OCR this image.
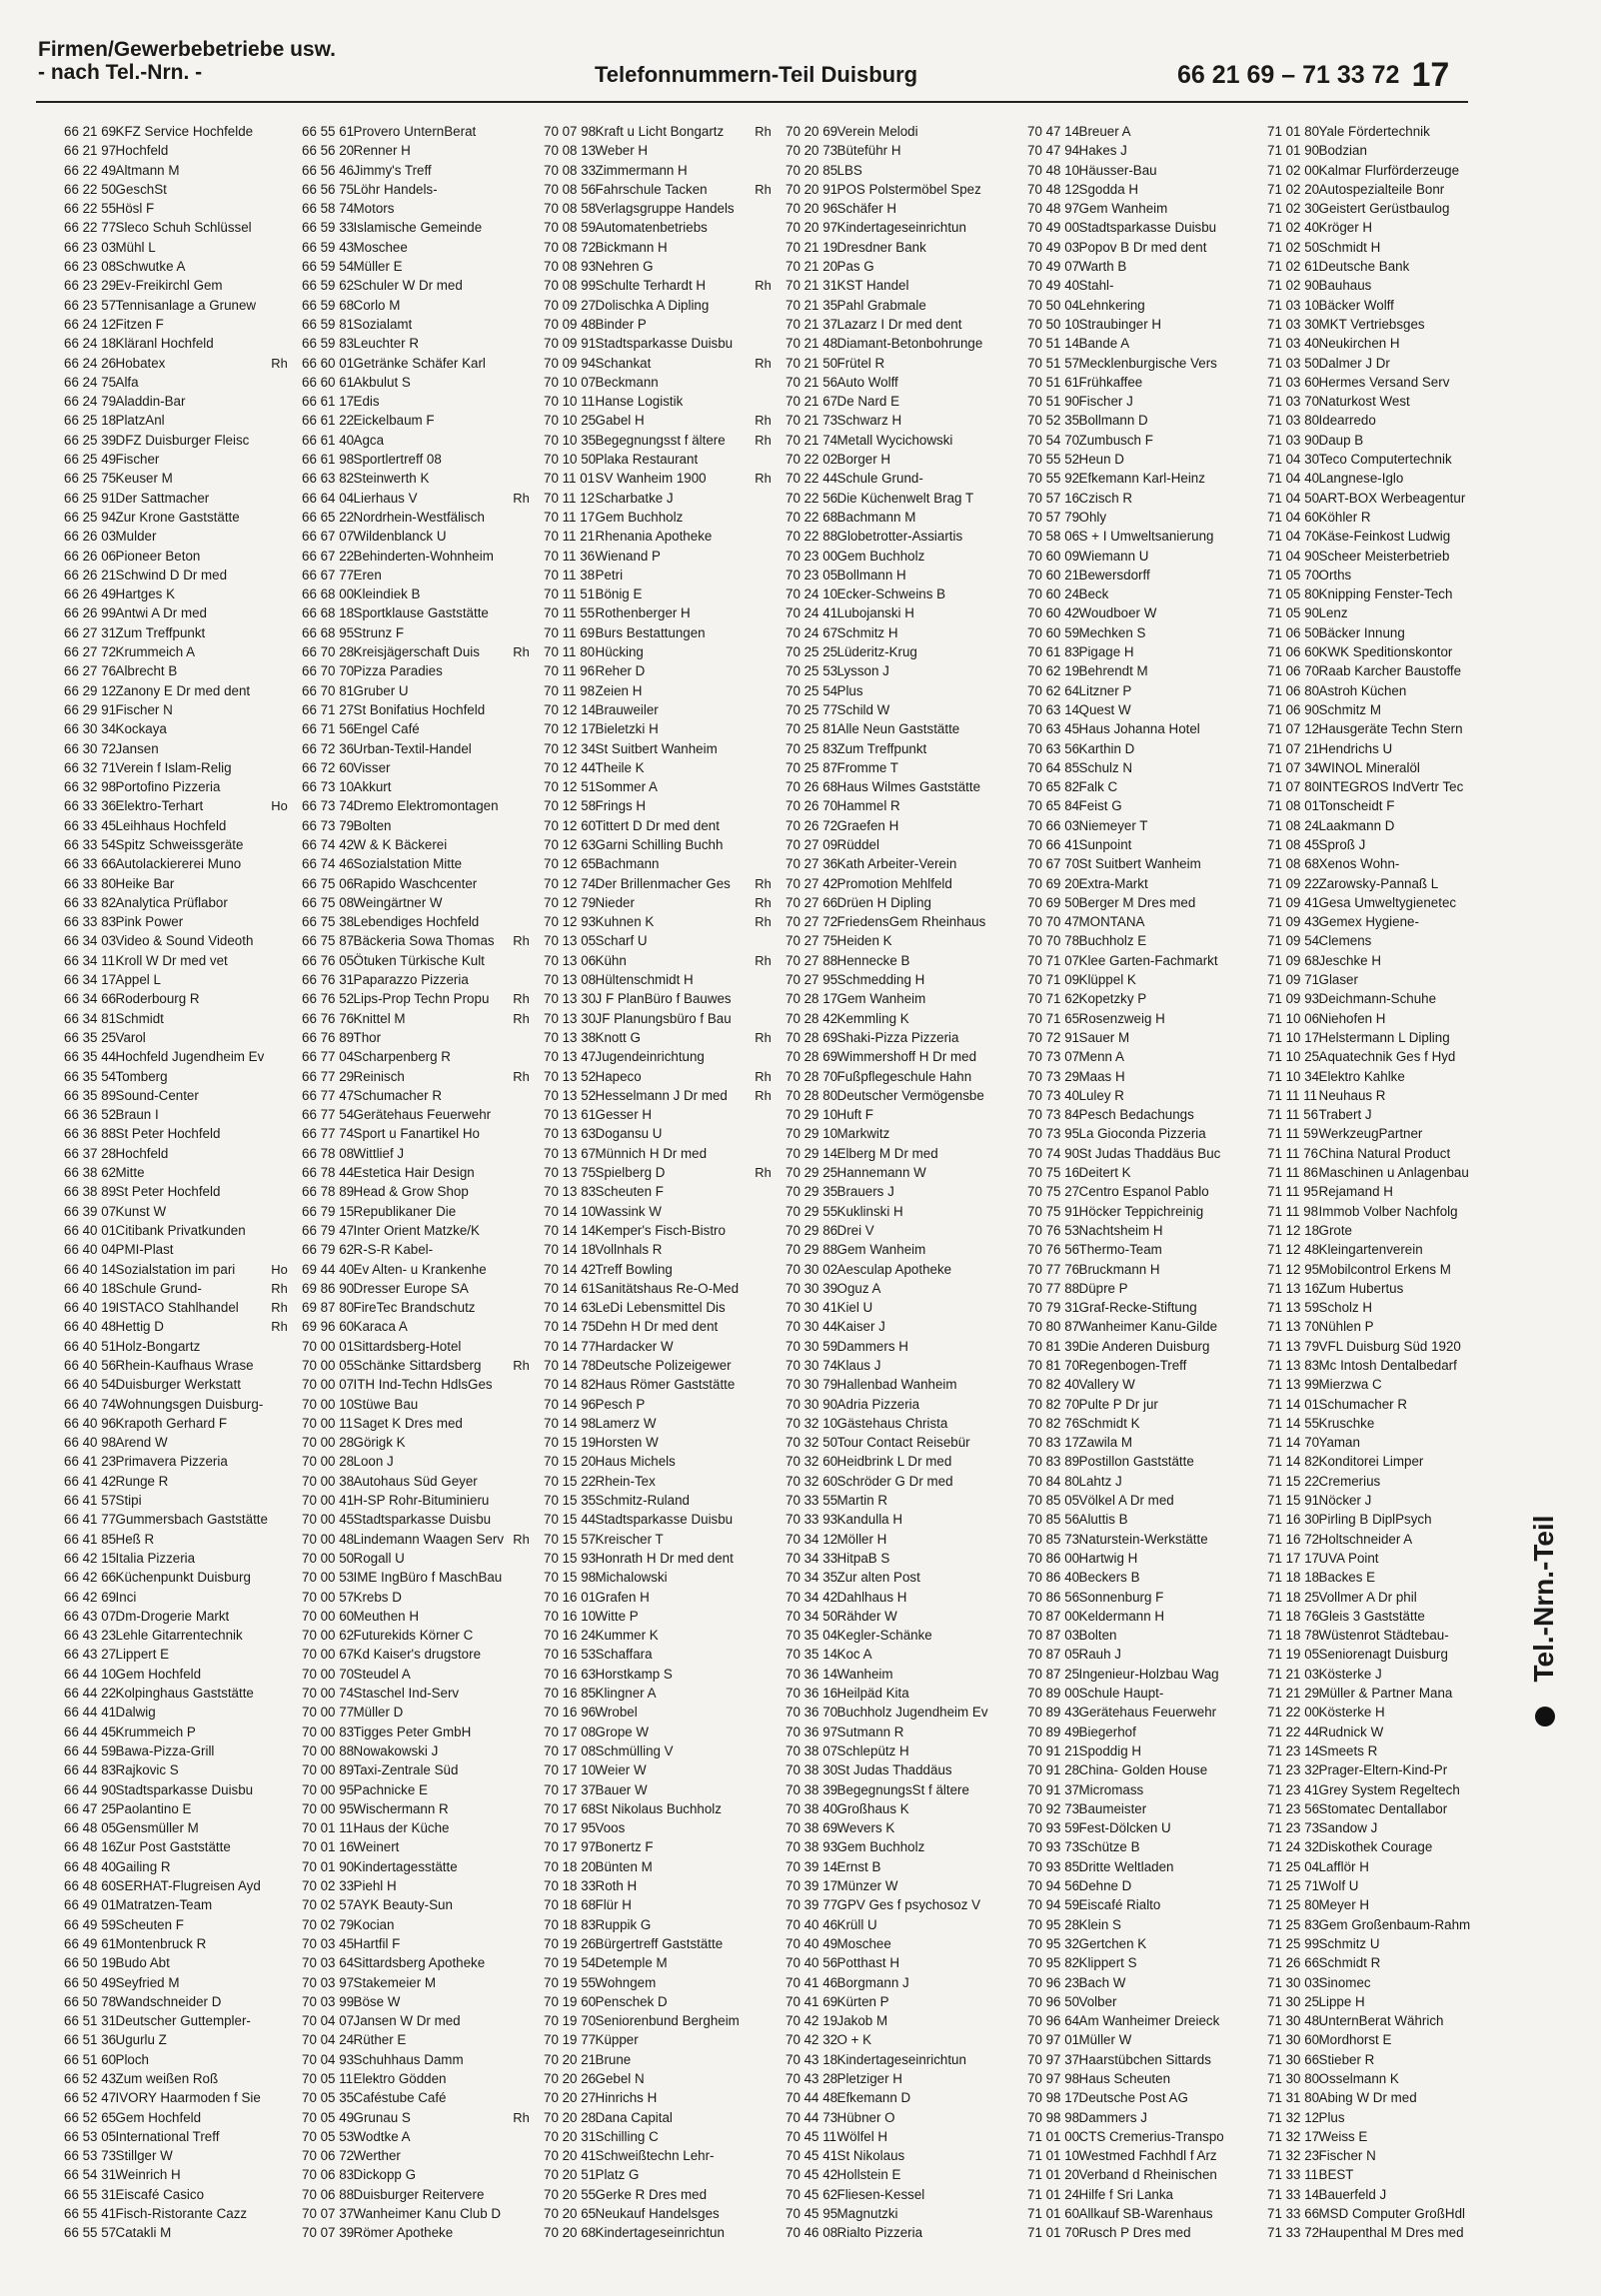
Firmen/Gewerbebetriebe usw.
- nach Tel.-Nrn. -	Telefonnummern-Teil Duisburg	66 21 69 – 71 33 72 17
66 21 69KFZ Service Hochfelde
66 21 97Hochfeld
66 22 49Altmann M
66 22 50GeschSt
66 22 55Hösl F
66 22 77Sleco Schuh Schlüssel
66 23 03Mühl L
66 23 08Schwutke A
66 23 29Ev-Freikirchl Gem
66 23 57Tennisanlage a Grunew
66 24 12Fitzen F
66 24 18Kläranl Hochfeld
66 24 26Hobatex
66 24 75Alfa
66 24 79Aladdin-Bar
66 25 18PlatzAnl
66 25 39DFZ Duisburger Fleisc
66 25 49Fischer
66 25 75Keuser M
66 25 91Der Sattmacher
66 25 94Zur Krone Gaststätte
66 26 03Mulder
66 26 06Pioneer Beton
66 26 21Schwind D Dr med
66 26 49Hartges K
66 26 99Antwi A Dr med
66 27 31Zum Treffpunkt
66 27 72Krummeich A
66 27 76Albrecht B
66 29 12Zanony E Dr med dent
66 29 91Fischer N
66 30 34Kockaya
66 30 72Jansen
66 32 71Verein f Islam-Relig
66 32 98Portofino Pizzeria
66 33 36Elektro-Terhart
66 33 45Leihhaus Hochfeld
66 33 54Spitz Schweissgeräte
66 33 66Autolackiererei Muno
66 33 80Heike Bar
66 33 82Analytica Prüflabor
66 33 83Pink Power
66 34 03Video & Sound Videoth
66 34 11Kroll W Dr med vet
66 34 17Appel L
66 34 66Roderbourg R
66 34 81Schmidt
66 35 25Varol
66 35 44Hochfeld Jugendheim Ev
66 35 54Tomberg
66 35 89Sound-Center
66 36 52Braun I
66 36 88St Peter Hochfeld
66 37 28Hochfeld
66 38 62Mitte
66 38 89St Peter Hochfeld
66 39 07Kunst W
66 40 01Citibank Privatkunden
66 40 04PMI-Plast
66 40 14Sozialstation im pari
66 40 18Schule Grund-
66 40 19ISTACO Stahlhandel
66 40 48Hettig D
66 40 51Holz-Bongartz
66 40 56Rhein-Kaufhaus Wrase
66 40 54Duisburger Werkstatt
66 40 74Wohnungsgen Duisburg-
66 40 96Krapoth Gerhard F
66 40 98Arend W
66 41 23Primavera Pizzeria
66 41 42Runge R
66 41 57Stipi
66 41 77Gummersbach Gaststätte
66 41 85Heß R
66 42 15Italia Pizzeria
66 42 66Küchenpunkt Duisburg
66 42 69Inci
66 43 07Dm-Drogerie Markt
66 43 23Lehle Gitarrentechnik
66 43 27Lippert E
66 44 10Gem Hochfeld
66 44 22Kolpinghaus Gaststätte
66 44 41Dalwig
66 44 45Krummeich P
66 44 59Bawa-Pizza-Grill
66 44 83Rajkovic S
66 44 90Stadtsparkasse Duisbu
66 47 25Paolantino E
66 48 05Gensmüller M
66 48 16Zur Post Gaststätte
66 48 40Gailing R
66 48 60SERHAT-Flugreisen Ayd
66 49 01Matratzen-Team
66 49 59Scheuten F
66 49 61Montenbruck R
66 50 19Budo Abt
66 50 49Seyfried M
66 50 78Wandschneider D
66 51 31Deutscher Guttempler-
66 51 36Ugurlu Z
66 51 60Ploch
66 52 43Zum weißen Roß
66 52 47IVORY Haarmoden f Sie
66 52 65Gem Hochfeld
66 53 05International Treff
66 53 73Stillger W
66 54 31Weinrich H
66 55 31Eiscafé Casico
66 55 41Fisch-Ristorante Cazz
66 55 57Catakli M
66 55 61Provero UnternBerat
66 56 20Renner H
66 56 46Jimmy's Treff
66 56 75Löhr Handels-
66 58 74Motors
66 59 33Islamische Gemeinde
66 59 43Moschee
66 59 54Müller E
66 59 62Schuler W Dr med
66 59 68Corlo M
66 59 81Sozialamt
66 59 83Leuchter R
Rh 66 60 01Getränke Schäfer Karl
66 60 61Akbulut S
66 61 17Edis
66 61 22Eickelbaum F
66 61 40Agca
66 61 98Sportlertreff 08
66 63 82Steinwerth K
66 64 04Lierhaus V
66 65 22Nordrhein-Westfälisch
66 67 07Wildenblanck U
66 67 22Behinderten-Wohnheim
66 67 77Eren
66 68 00Kleindiek B
66 68 18Sportklause Gaststätte
66 68 95Strunz F
66 70 28Kreisjägerschaft Duis
66 70 70Pizza Paradies
66 70 81Gruber U
66 71 27St Bonifatius Hochfeld
66 71 56Engel Café
66 72 36Urban-Textil-Handel
66 72 60Visser
66 73 10Akkurt
Ho 66 73 74Dremo Elektromontagen
66 73 79Bolten
66 74 42W & K Bäckerei
66 74 46Sozialstation Mitte
66 75 06Rapido Waschcenter
66 75 08Weingärtner W
66 75 38Lebendiges Hochfeld
66 75 87Bäckeria Sowa Thomas
66 76 05Ötuken Türkische Kult
66 76 31Paparazzo Pizzeria
66 76 52Lips-Prop Techn Propu
66 76 76Knittel M
66 76 89Thor
66 77 04Scharpenberg R
66 77 29Reinisch
66 77 47Schumacher R
66 77 54Gerätehaus Feuerwehr
66 77 74Sport u Fanartikel Ho
66 78 08Wittlief J
66 78 44Estetica Hair Design
66 78 89Head & Grow Shop
66 79 15Republikaner Die
66 79 47Inter Orient Matzke/K
66 79 62R-S-R Kabel-
Ho 69 44 40Ev Alten- u Krankenhe
Rh 69 86 90Dresser Europe SA
Rh 69 87 80FireTec Brandschutz
Rh 69 96 60Karaca A
70 00 01Sittardsberg-Hotel
70 00 05Schänke Sittardsberg
70 00 07ITH Ind-Techn HdlsGes
70 00 10Stüwe Bau
70 00 11Saget K Dres med
70 00 28Görigk K
70 00 28Loon J
70 00 38Autohaus Süd Geyer
70 00 41H-SP Rohr-Bituminieru
70 00 45Stadtsparkasse Duisbu
70 00 48Lindemann Waagen Serv
70 00 50Rogall U
70 00 53IME IngBüro f MaschBau
70 00 57Krebs D
70 00 60Meuthen H
70 00 62Futurekids Körner C
70 00 67Kd Kaiser's drugstore
70 00 70Steudel A
70 00 74Staschel Ind-Serv
70 00 77Müller D
70 00 83Tigges Peter GmbH
70 00 88Nowakowski J
70 00 89Taxi-Zentrale Süd
70 00 95Pachnicke E
70 00 95Wischermann R
70 01 11Haus der Küche
70 01 16Weinert
70 01 90Kindertagesstätte
70 02 33Piehl H
70 02 57AYK Beauty-Sun
70 02 79Kocian
70 03 45Hartfil F
70 03 64Sittardsberg Apotheke
70 03 97Stakemeier M
70 03 99Böse W
70 04 07Jansen W Dr med
70 04 24Rüther E
70 04 93Schuhhaus Damm
70 05 11Elektro Gödden
70 05 35Caféstube Café
70 05 49Grunau S
70 05 53Wodtke A
70 06 72Werther
70 06 83Dickopp G
70 06 88Duisburger Reitervere
70 07 37Wanheimer Kanu Club D
70 07 39Römer Apotheke
70 07 98Kraft u Licht Bongartz
70 08 13Weber H
70 08 33Zimmermann H
70 08 56Fahrschule Tacken
70 08 58Verlagsgruppe Handels
70 08 59Automatenbetriebs
70 08 72Bickmann H
70 08 93Nehren G
70 08 99Schulte Terhardt H
70 09 27Dolischka A Dipling
70 09 48Binder P
70 09 91Stadtsparkasse Duisbu
70 09 94Schankat
70 10 07Beckmann
70 10 11Hanse Logistik
70 10 25Gabel H
70 10 35Begegnungsst f ältere
70 10 50Plaka Restaurant
70 11 01SV Wanheim 1900
Rh 70 11 12Scharbatke J
70 11 17Gem Buchholz
70 11 21Rhenania Apotheke
70 11 36Wienand P
70 11 38Petri
70 11 51Bönig E
70 11 55Rothenberger H
70 11 69Burs Bestattungen
Rh 70 11 80Hücking
70 11 96Reher D
70 11 98Zeien H
70 12 14Brauweiler
70 12 17Bieletzki H
70 12 34St Suitbert Wanheim
70 12 44Theile K
70 12 51Sommer A
70 12 58Frings H
70 12 60Tittert D Dr med dent
70 12 63Garni Schilling Buchh
70 12 65Bachmann
70 12 74Der Brillenmacher Ges
70 12 79Nieder
70 12 93Kuhnen K
Rh 70 13 05Scharf U
70 13 06Kühn
70 13 08Hültenschmidt H
Rh 70 13 30J F PlanBüro f Bauwes
Rh 70 13 30JF Planungsbüro f Bau
70 13 38Knott G
70 13 47Jugendeinrichtung
Rh 70 13 52Hapeco
70 13 52Hesselmann J Dr med
70 13 61Gesser H
70 13 63Dogansu U
70 13 67Münnich H Dr med
70 13 75Spielberg D
70 13 83Scheuten F
70 14 10Wassink W
70 14 14Kemper's Fisch-Bistro
70 14 18Vollnhals R
70 14 42Treff Bowling
70 14 61Sanitätshaus Re-O-Med
70 14 63LeDi Lebensmittel Dis
70 14 75Dehn H Dr med dent
70 14 77Hardacker W
Rh 70 14 78Deutsche Polizeigewer
70 14 82Haus Römer Gaststätte
70 14 96Pesch P
70 14 98Lamerz W
70 15 19Horsten W
70 15 20Haus Michels
70 15 22Rhein-Tex
70 15 35Schmitz-Ruland
70 15 44Stadtsparkasse Duisbu
Rh 70 15 57Kreischer T
70 15 93Honrath H Dr med dent
70 15 98Michalowski
70 16 01Grafen H
70 16 10Witte P
70 16 24Kummer K
70 16 53Schaffara
70 16 63Horstkamp S
70 16 85Klingner A
70 16 96Wrobel
70 17 08Grope W
70 17 08Schmülling V
70 17 10Weier W
70 17 37Bauer W
70 17 68St Nikolaus Buchholz
70 17 95Voos
70 17 97Bonertz F
70 18 20Bünten M
70 18 33Roth H
70 18 68Flür H
70 18 83Ruppik G
70 19 26Bürgertreff Gaststätte
70 19 54Detemple M
70 19 55Wohngem
70 19 60Penschek D
70 19 70Seniorenbund Bergheim
70 19 77Küpper
70 20 21Brune
70 20 26Gebel N
70 20 27Hinrichs H
Rh 70 20 28Dana Capital
70 20 31Schilling C
70 20 41Schweißtechn Lehr-
70 20 51Platz G
70 20 55Gerke R Dres med
70 20 65Neukauf Handelsges
70 20 68Kindertageseinrichtun
Rh 70 20 69Verein Melodi
70 20 73Büteführ H
70 20 85LBS
Rh 70 20 91POS Polstermöbel Spez
70 20 96Schäfer H
70 20 97Kindertageseinrichtun
70 21 19Dresdner Bank
70 21 20Pas G
Rh 70 21 31KST Handel
70 21 35Pahl Grabmale
70 21 37Lazarz I Dr med dent
70 21 48Diamant-Betonbohrunge
Rh 70 21 50Frütel R
70 21 56Auto Wolff
70 21 67De Nard E
Rh 70 21 73Schwarz H
Rh 70 21 74Metall Wycichowski
70 22 02Borger H
Rh 70 22 44Schule Grund-
70 22 56Die Küchenwelt Brag T
70 22 68Bachmann M
70 22 88Globetrotter-Assiartis
70 23 00Gem Buchholz
70 23 05Bollmann H
70 24 10Ecker-Schweins B
70 24 41Lubojanski H
70 24 67Schmitz H
70 25 25Lüderitz-Krug
70 25 53Lysson J
70 25 54Plus
70 25 77Schild W
70 25 81Alle Neun Gaststätte
70 25 83Zum Treffpunkt
70 25 87Fromme T
70 26 68Haus Wilmes Gaststätte
70 26 70Hammel R
70 26 72Graefen H
70 27 09Rüddel
70 27 36Kath Arbeiter-Verein
Rh 70 27 42Promotion Mehlfeld
Rh 70 27 66Drüen H Dipling
Rh 70 27 72FriedensGem Rheinhaus
70 27 75Heiden K
Rh 70 27 88Hennecke B
70 27 95Schmedding H
70 28 17Gem Wanheim
70 28 42Kemmling K
Rh 70 28 69Shaki-Pizza Pizzeria
70 28 69Wimmershoff H Dr med
Rh 70 28 70Fußpflegeschule Hahn
Rh 70 28 80Deutscher Vermögensbe
70 29 10Huft F
70 29 10Markwitz
70 29 14Elberg M Dr med
Rh 70 29 25Hannemann W
70 29 35Brauers J
70 29 55Kuklinski H
70 29 86Drei V
70 29 88Gem Wanheim
70 30 02Aesculap Apotheke
70 30 39Oguz A
70 30 41Kiel U
70 30 44Kaiser J
70 30 59Dammers H
70 30 74Klaus J
70 30 79Hallenbad Wanheim
70 30 90Adria Pizzeria
70 32 10Gästehaus Christa
70 32 50Tour Contact Reisebür
70 32 60Heidbrink L Dr med
70 32 60Schröder G Dr med
70 33 55Martin R
70 33 93Kandulla H
70 34 12Möller H
70 34 33HitpaB S
70 34 35Zur alten Post
70 34 42Dahlhaus H
70 34 50Rähder W
70 35 04Kegler-Schänke
70 35 14Koc A
70 36 14Wanheim
70 36 16Heilpäd Kita
70 36 70Buchholz Jugendheim Ev
70 36 97Sutmann R
70 38 07Schlepütz H
70 38 30St Judas Thaddäus
70 38 39BegegnungsSt f ältere
70 38 40Großhaus K
70 38 69Wevers K
70 38 93Gem Buchholz
70 39 14Ernst B
70 39 17Münzer W
70 39 77GPV Ges f psychosoz V
70 40 46Krüll U
70 40 49Moschee
70 40 56Potthast H
70 41 46Borgmann J
70 41 69Kürten P
70 42 19Jakob M
70 42 32O + K
70 43 18Kindertageseinrichtun
70 43 28Pletziger H
70 44 48Efkemann D
70 44 73Hübner O
70 45 11Wölfel H
70 45 41St Nikolaus
70 45 42Hollstein E
70 45 62Fliesen-Kessel
70 45 95Magnutzki
70 46 08Rialto Pizzeria
70 47 14Breuer A
70 47 94Hakes J
70 48 10Häusser-Bau
70 48 12Sgodda H
70 48 97Gem Wanheim
70 49 00Stadtsparkasse Duisbu
70 49 03Popov B Dr med dent
70 49 07Warth B
70 49 40Stahl-
70 50 04Lehnkering
70 50 10Straubinger H
70 51 14Bande A
70 51 57Mecklenburgische Vers
70 51 61Frühkaffee
70 51 90Fischer J
70 52 35Bollmann D
70 54 70Zumbusch F
70 55 52Heun D
70 55 92Efkemann Karl-Heinz
70 57 16Czisch R
70 57 79Ohly
70 58 06S + I Umweltsanierung
70 60 09Wiemann U
70 60 21Bewersdorff
70 60 24Beck
70 60 42Woudboer W
70 60 59Mechken S
70 61 83Pigage H
70 62 19Behrendt M
70 62 64Litzner P
70 63 14Quest W
70 63 45Haus Johanna Hotel
70 63 56Karthin D
70 64 85Schulz N
70 65 82Falk C
70 65 84Feist G
70 66 03Niemeyer T
70 66 41Sunpoint
70 67 70St Suitbert Wanheim
70 69 20Extra-Markt
70 69 50Berger M Dres med
70 70 47MONTANA
70 70 78Buchholz E
70 71 07Klee Garten-Fachmarkt
70 71 09Klüppel K
70 71 62Kopetzky P
70 71 65Rosenzweig H
70 72 91Sauer M
70 73 07Menn A
70 73 29Maas H
70 73 40Luley R
70 73 84Pesch Bedachungs
70 73 95La Gioconda Pizzeria
70 74 90St Judas Thaddäus Buc
70 75 16Deitert K
70 75 27Centro Espanol Pablo
70 75 91Höcker Teppichreinig
70 76 53Nachtsheim H
70 76 56Thermo-Team
70 77 76Bruckmann H
70 77 88Düpre P
70 79 31Graf-Recke-Stiftung
70 80 87Wanheimer Kanu-Gilde
70 81 39Die Anderen Duisburg
70 81 70Regenbogen-Treff
70 82 40Vallery W
70 82 70Pulte P Dr jur
70 82 76Schmidt K
70 83 17Zawila M
70 83 89Postillon Gaststätte
70 84 80Lahtz J
70 85 05Völkel A Dr med
70 85 56Aluttis B
70 85 73Naturstein-Werkstätte
70 86 00Hartwig H
70 86 40Beckers B
70 86 56Sonnenburg F
70 87 00Keldermann H
70 87 03Bolten
70 87 05Rauh J
70 87 25Ingenieur-Holzbau Wag
70 89 00Schule Haupt-
70 89 43Gerätehaus Feuerwehr
70 89 49Biegerhof
70 91 21Spoddig H
70 91 28China- Golden House
70 91 37Micromass
70 92 73Baumeister
70 93 59Fest-Dölcken U
70 93 73Schütze B
70 93 85Dritte Weltladen
70 94 56Dehne D
70 94 59Eiscafé Rialto
70 95 28Klein S
70 95 32Gertchen K
70 95 82Klippert S
70 96 23Bach W
70 96 50Volber
70 96 64Am Wanheimer Dreieck
70 97 01Müller W
70 97 37Haarstübchen Sittards
70 97 98Haus Scheuten
70 98 17Deutsche Post AG
70 98 98Dammers J
71 01 00CTS Cremerius-Transpo
71 01 10Westmed Fachhdl f Arz
71 01 20Verband d Rheinischen
71 01 24Hilfe f Sri Lanka
71 01 60Allkauf SB-Warenhaus
71 01 70Rusch P Dres med
71 01 80Yale Fördertechnik
71 01 90Bodzian
71 02 00Kalmar Flurförderzeuge
71 02 20Autospezialteile Bonr
71 02 30Geistert Gerüstbaulog
71 02 40Kröger H
71 02 50Schmidt H
71 02 61Deutsche Bank
71 02 90Bauhaus
71 03 10Bäcker Wolff
71 03 30MKT Vertriebsges
71 03 40Neukirchen H
71 03 50Dalmer J Dr
71 03 60Hermes Versand Serv
71 03 70Naturkost West
71 03 80Idearredo
71 03 90Daup B
71 04 30Teco Computertechnik
71 04 40Langnese-Iglo
71 04 50ART-BOX Werbeagentur
71 04 60Köhler R
71 04 70Käse-Feinkost Ludwig
71 04 90Scheer Meisterbetrieb
71 05 70Orths
71 05 80Knipping Fenster-Tech
71 05 90Lenz
71 06 50Bäcker Innung
71 06 60KWK Speditionskontor
71 06 70Raab Karcher Baustoffe
71 06 80Astroh Küchen
71 06 90Schmitz M
71 07 12Hausgeräte Techn Stern
71 07 21Hendrichs U
71 07 34WINOL Mineralöl
71 07 80INTEGROS IndVertr Tec
71 08 01Tonscheidt F
71 08 24Laakmann D
71 08 45Sproß J
71 08 68Xenos Wohn-
71 09 22Zarowsky-Pannaß L
71 09 41Gesa Umweltygienetec
71 09 43Gemex Hygiene-
71 09 54Clemens
71 09 68Jeschke H
71 09 71Glaser
71 09 93Deichmann-Schuhe
71 10 06Niehofen H
71 10 17Helstermann L Dipling
71 10 25Aquatechnik Ges f Hyd
71 10 34Elektro Kahlke
71 11 11Neuhaus R
71 11 56Trabert J
71 11 59WerkzeugPartner
71 11 76China Natural Product
71 11 86Maschinen u Anlagenbau
71 11 95Rejamand H
71 11 98Immob Volber Nachfolg
71 12 18Grote
71 12 48Kleingartenverein
71 12 95Mobilcontrol Erkens M
71 13 16Zum Hubertus
71 13 59Scholz H
71 13 70Nühlen P
71 13 79VFL Duisburg Süd 1920
71 13 83Mc Intosh Dentalbedarf
71 13 99Mierzwa C
71 14 01Schumacher R
71 14 55Kruschke
71 14 70Yaman
71 14 82Konditorei Limper
71 15 22Cremerius
71 15 91Nöcker J
71 16 30Pirling B DiplPsych
71 16 72Holtschneider A
71 17 17UVA Point
71 18 18Backes E
71 18 25Vollmer A Dr phil
71 18 76Gleis 3 Gaststätte
71 18 78Wüstenrot Städtebau-
71 19 05Seniorenagt Duisburg
71 21 03Kösterke J
71 21 29Müller & Partner Mana
71 22 00Kösterke H
71 22 44Rudnick W
71 23 14Smeets R
71 23 32Prager-Eltern-Kind-Pr
71 23 41Grey System Regeltech
71 23 56Stomatec Dentallabor
71 23 73Sandow J
71 24 32Diskothek Courage
71 25 04Lafflör H
71 25 71Wolf U
71 25 80Meyer H
71 25 83Gem Großenbaum-Rahm
71 25 99Schmitz U
71 26 66Schmidt R
71 30 03Sinomec
71 30 25Lippe H
71 30 48UnternBerat Währich
71 30 60Mordhorst E
71 30 66Stieber R
71 30 80Osselmann K
71 31 80Abing W Dr med
71 32 12Plus
71 32 17Weiss E
71 32 23Fischer N
71 33 11BEST
71 33 14Bauerfeld J
71 33 66MSD Computer GroßHdl
71 33 72Haupenthal M Dres med
Tel.-Nrn.-Teil
